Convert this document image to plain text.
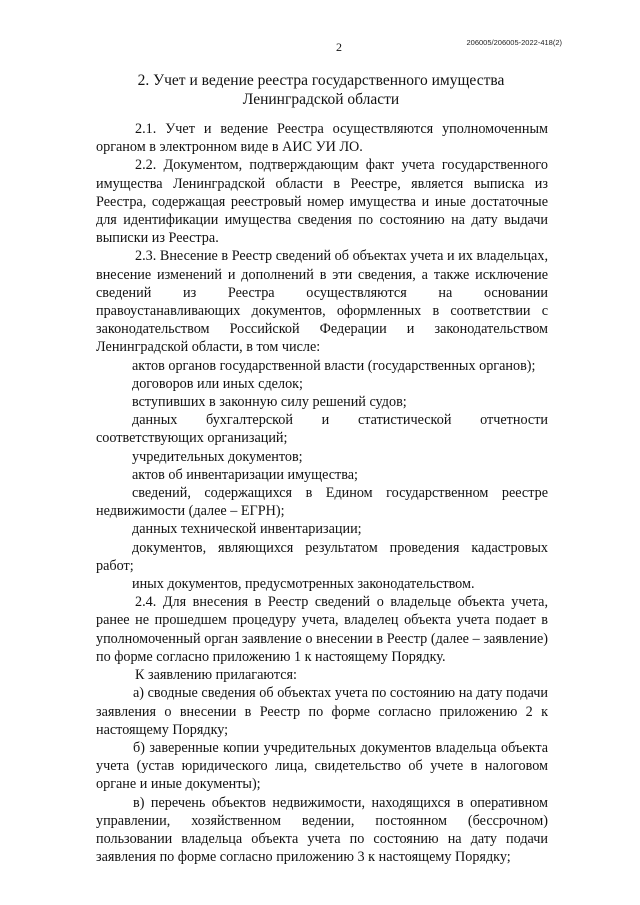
2	206005/206005-2022-418(2)
2. Учет и ведение реестра государственного имущества
Ленинградской области

2.1. Учет и ведение Реестра осуществляются уполномоченным органом в электронном виде в АИС УИ ЛО.

2.2. Документом, подтверждающим факт учета государственного имущества Ленинградской области в Реестре, является выписка из Реестра, содержащая реестровый номер имущества и иные достаточные для идентификации имущества сведения по состоянию на дату выдачи выписки из Реестра.

2.3. Внесение в Реестр сведений об объектах учета и их владельцах, внесение изменений и дополнений в эти сведения, а также исключение сведений из Реестра осуществляются на основании правоустанавливающих документов, оформленных в соответствии с законодательством Российской Федерации и законодательством Ленинградской области, в том числе:

актов органов государственной власти (государственных органов);

договоров или иных сделок;

вступивших в законную силу решений судов;

данных бухгалтерской и статистической отчетности соответствующих организаций;

учредительных документов;

актов об инвентаризации имущества;

сведений, содержащихся в Едином государственном реестре недвижимости (далее – ЕГРН);

данных технической инвентаризации;

документов, являющихся результатом проведения кадастровых работ;

иных документов, предусмотренных законодательством.

2.4. Для внесения в Реестр сведений о владельце объекта учета, ранее не прошедшем процедуру учета, владелец объекта учета подает в уполномоченный орган заявление о внесении в Реестр (далее – заявление) по форме согласно приложению 1 к настоящему Порядку.

К заявлению прилагаются:

а) сводные сведения об объектах учета по состоянию на дату подачи заявления о внесении в Реестр по форме согласно приложению 2 к настоящему Порядку;

б) заверенные копии учредительных документов владельца объекта учета (устав юридического лица, свидетельство об учете в налоговом органе и иные документы);

в) перечень объектов недвижимости, находящихся в оперативном управлении, хозяйственном ведении, постоянном (бессрочном) пользовании владельца объекта учета по состоянию на дату подачи заявления по форме согласно приложению 3 к настоящему Порядку;
